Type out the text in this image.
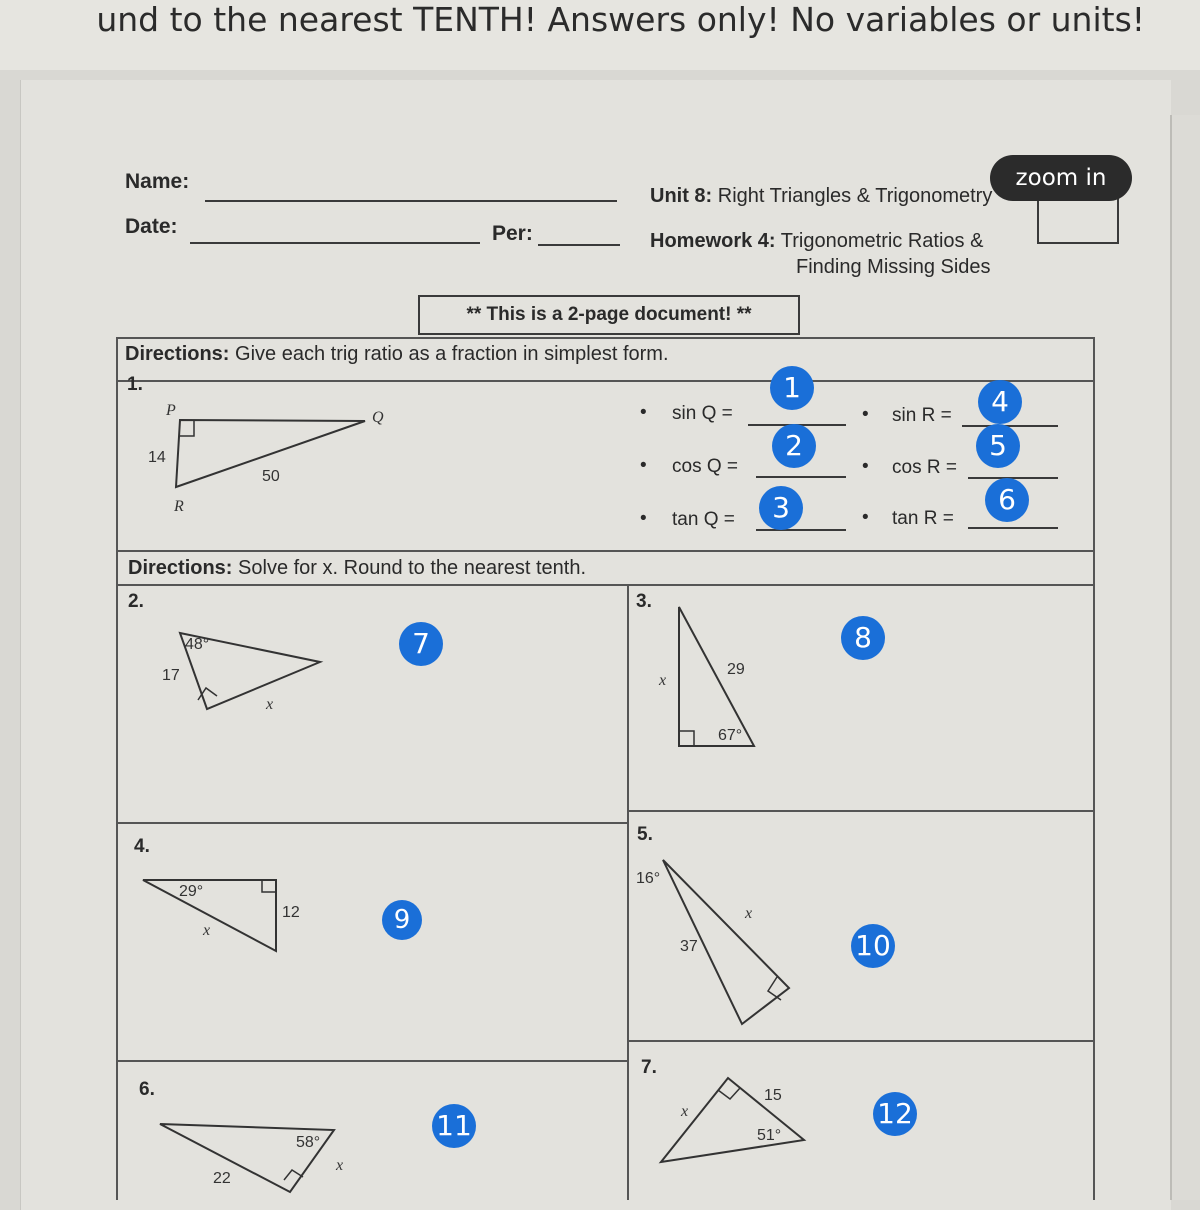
und to the nearest TENTH! Answers only! No variables or units!
Name:
Date:	Per:
Unit 8: Right Triangles & Trigonometry
Homework 4: Trigonometric Ratios &
Finding Missing Sides
zoom in
** This is a 2-page document! **
Directions: Give each trig ratio as a fraction in simplest form.
1.
P	Q
R
14
50
48°
17
x
29
67°
x
29°
12
x
16°
37
x
58°
22
x
15
51°
x
• sin Q =
• cos Q =
• tan Q =
• sin R =
• cos R =
• tan R =
Directions: Solve for x. Round to the nearest tenth.
2.	3.
4.
5.
6.
7.
1
2
3
4
5
6
7	8
9
10
11	12
